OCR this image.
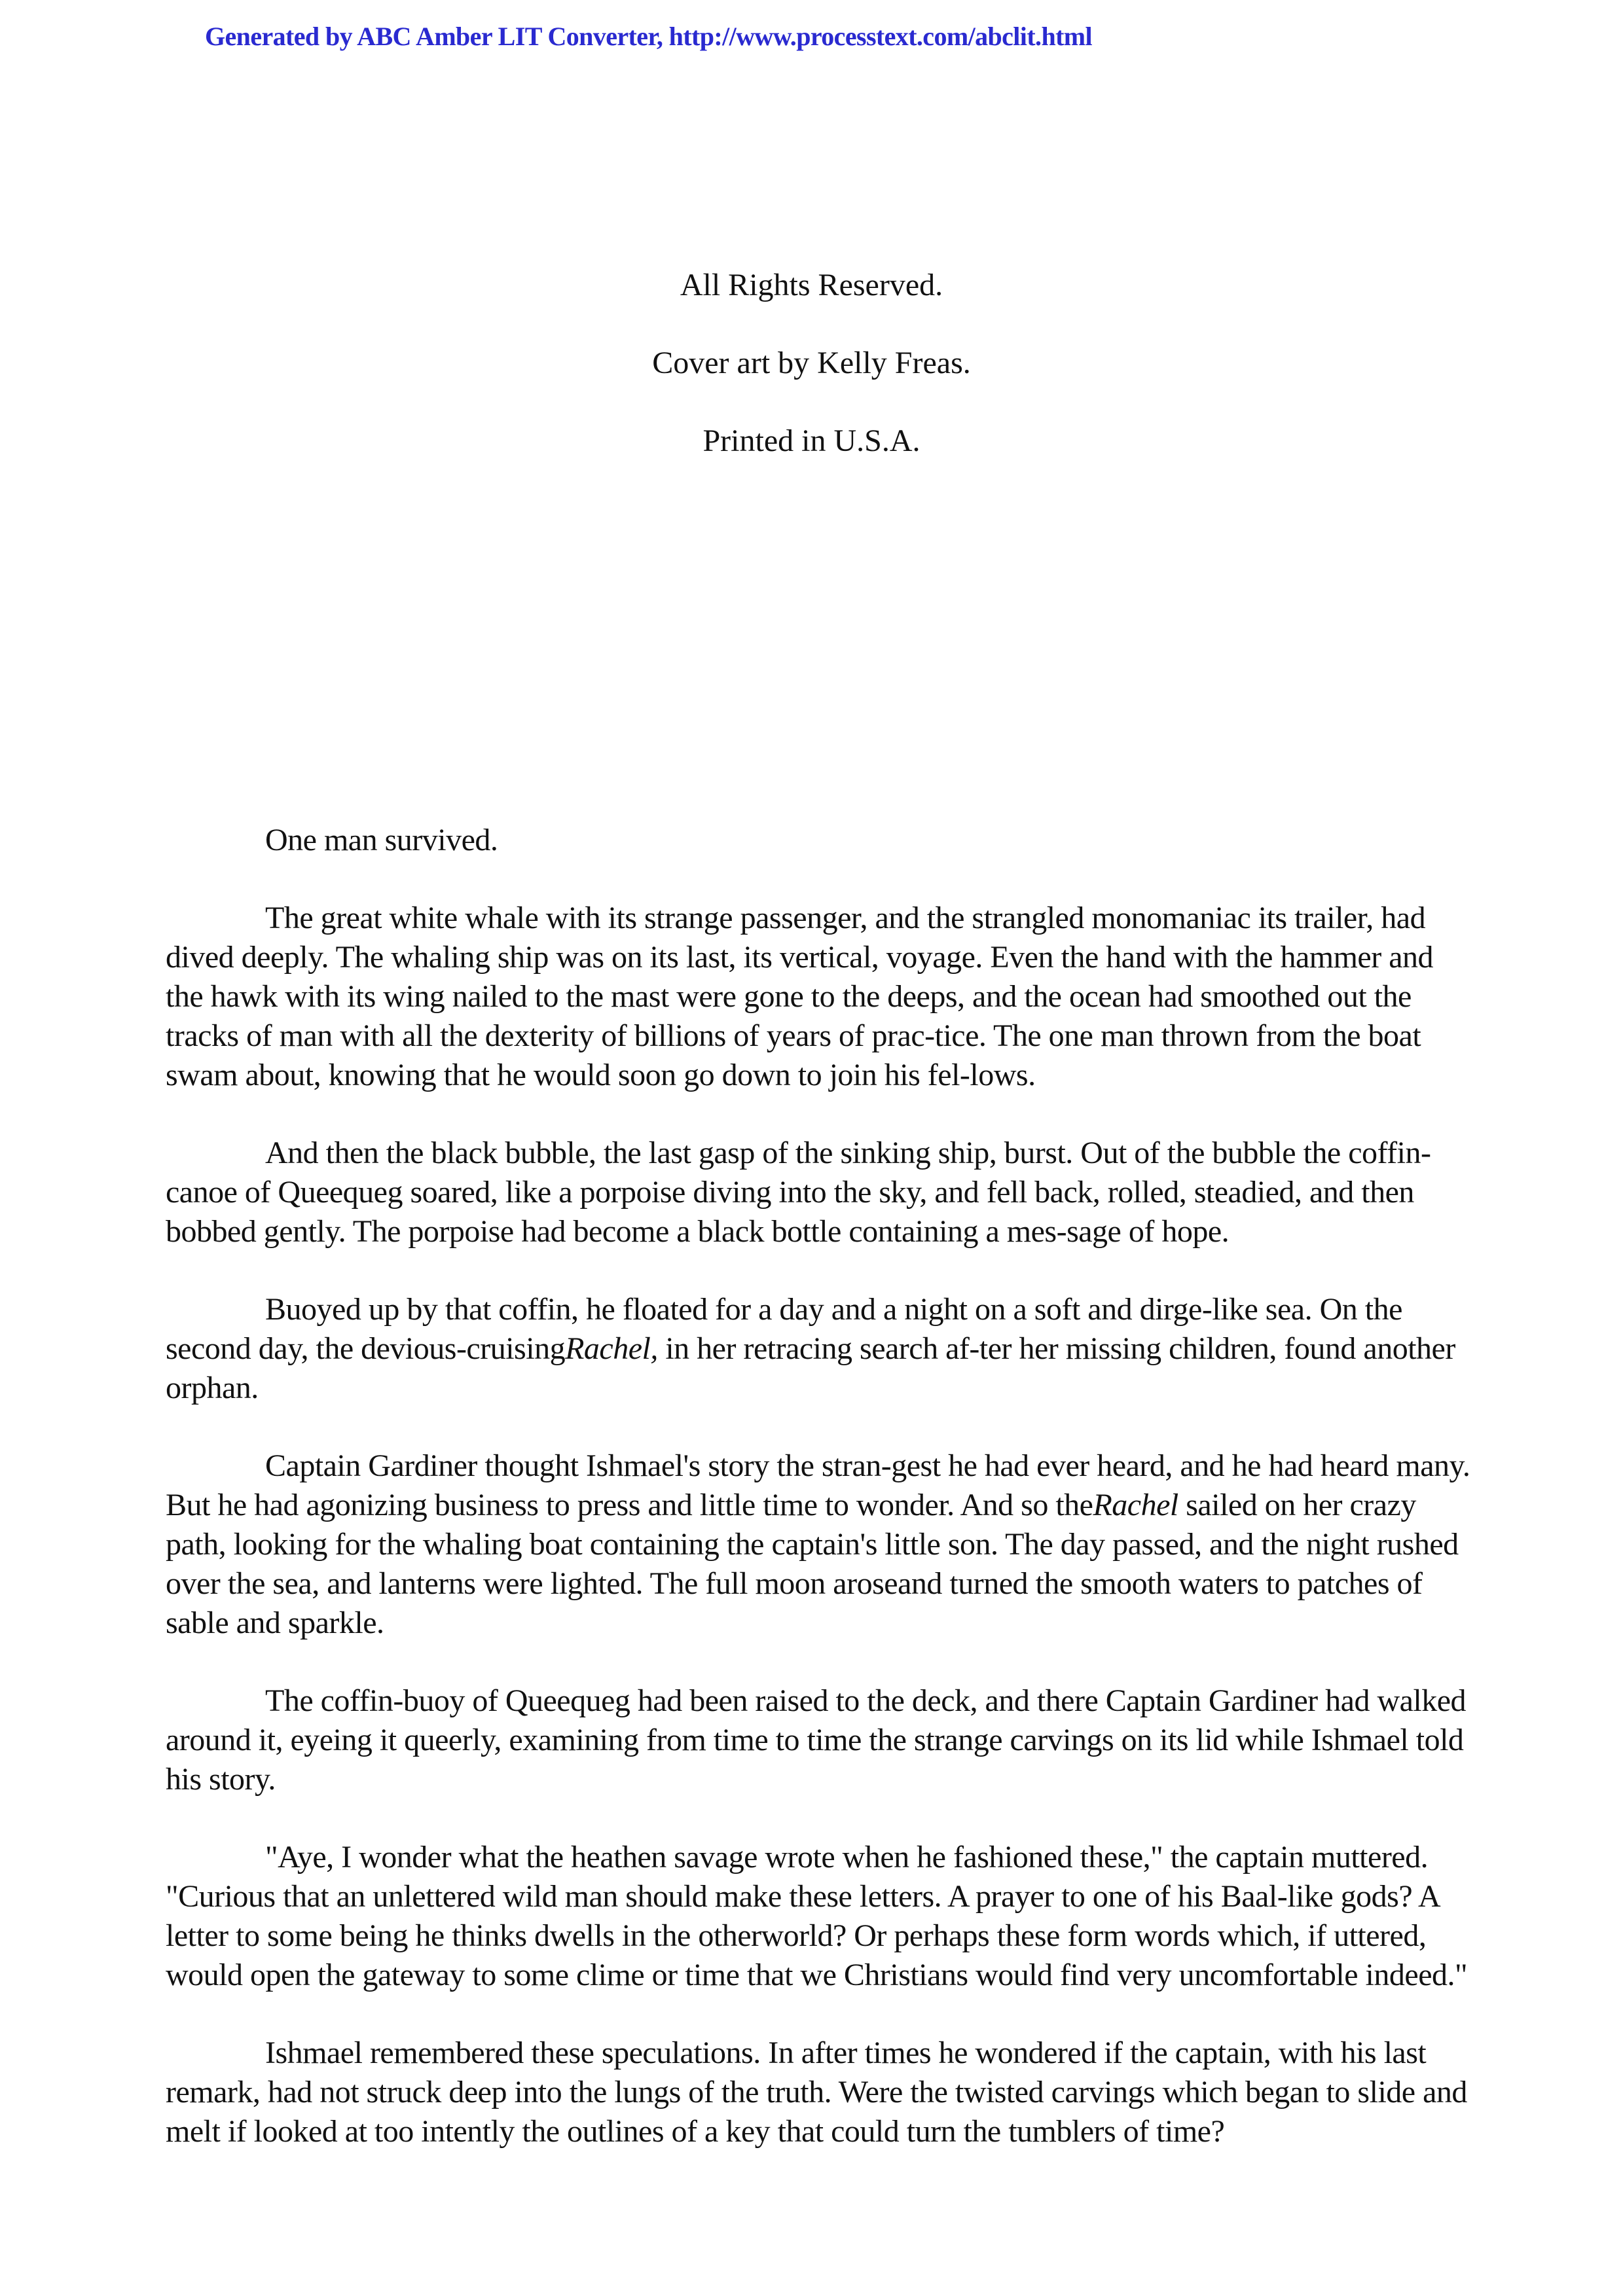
Generated by ABC Amber LIT Converter, http://www.processtext.com/abclit.html
All Rights Reserved.
Cover art by Kelly Freas.
Printed in U.S.A.

One man survived.

The great white whale with its strange passenger, and the strangled monomaniac its trailer, had dived deeply. The whaling ship was on its last, its vertical, voyage. Even the hand with the hammer and the hawk with its wing nailed to the mast were gone to the deeps, and the ocean had smoothed out the tracks of man with all the dexterity of billions of years of prac-tice. The one man thrown from the boat swam about, knowing that he would soon go down to join his fel-lows.

And then the black bubble, the last gasp of the sinking ship, burst. Out of the bubble the coffin-canoe of Queequeg soared, like a porpoise diving into the sky, and fell back, rolled, steadied, and then bobbed gently. The porpoise had become a black bottle containing a mes-sage of hope.

Buoyed up by that coffin, he floated for a day and a night on a soft and dirge-like sea. On the second day, the devious-cruisingRachel, in her retracing search af-ter her missing children, found another orphan.

Captain Gardiner thought Ishmael's story the stran-gest he had ever heard, and he had heard many. But he had agonizing business to press and little time to wonder. And so theRachel sailed on her crazy path, looking for the whaling boat containing the captain's little son. The day passed, and the night rushed over the sea, and lanterns were lighted. The full moon aroseand turned the smooth waters to patches of sable and sparkle.

The coffin-buoy of Queequeg had been raised to the deck, and there Captain Gardiner had walked around it, eyeing it queerly, examining from time to time the strange carvings on its lid while Ishmael told his story.

"Aye, I wonder what the heathen savage wrote when he fashioned these," the captain muttered. "Curious that an unlettered wild man should make these letters. A prayer to one of his Baal-like gods? A letter to some being he thinks dwells in the otherworld? Or perhaps these form words which, if uttered, would open the gateway to some clime or time that we Christians would find very uncomfortable indeed."

Ishmael remembered these speculations. In after times he wondered if the captain, with his last remark, had not struck deep into the lungs of the truth. Were the twisted carvings which began to slide and melt if looked at too intently the outlines of a key that could turn the tumblers of time?
